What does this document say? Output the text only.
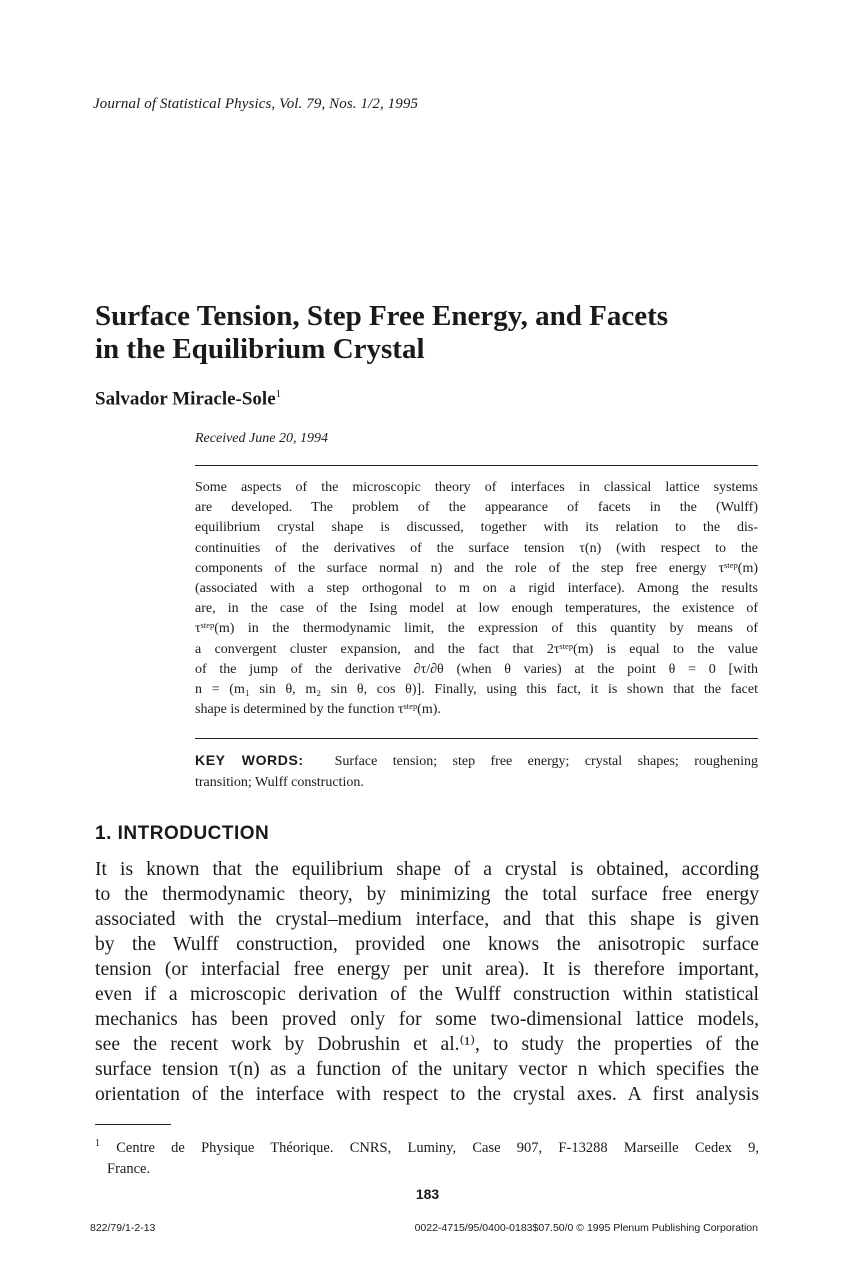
Journal of Statistical Physics, Vol. 79, Nos. 1/2, 1995
Surface Tension, Step Free Energy, and Facets
in the Equilibrium Crystal
Salvador Miracle-Sole$^1$
Received June 20, 1994
Some aspects of the microscopic theory of interfaces in classical lattice systems
are developed. The problem of the appearance of facets in the (Wulff)
equilibrium crystal shape is discussed, together with its relation to the dis-
continuities of the derivatives of the surface tension τ(n) (with respect to the
components of the surface normal n) and the role of the step free energy τˢᵗᵉᵖ(m)
(associated with a step orthogonal to m on a rigid interface). Among the results
are, in the case of the Ising model at low enough temperatures, the existence of
τˢᵗᵉᵖ(m) in the thermodynamic limit, the expression of this quantity by means of
a convergent cluster expansion, and the fact that 2τˢᵗᵉᵖ(m) is equal to the value
of the jump of the derivative ∂τ/∂θ (when θ varies) at the point θ = 0 [with
n = (m₁ sin θ, m₂ sin θ, cos θ)]. Finally, using this fact, it is shown that the facet
shape is determined by the function τˢᵗᵉᵖ(m).
KEY WORDS: Surface tension; step free energy; crystal shapes; roughening
transition; Wulff construction.
1. INTRODUCTION
It is known that the equilibrium shape of a crystal is obtained, according
to the thermodynamic theory, by minimizing the total surface free energy
associated with the crystal–medium interface, and that this shape is given
by the Wulff construction, provided one knows the anisotropic surface
tension (or interfacial free energy per unit area). It is therefore important,
even if a microscopic derivation of the Wulff construction within statistical
mechanics has been proved only for some two-dimensional lattice models,
see the recent work by Dobrushin et al.⁽¹⁾, to study the properties of the
surface tension τ(n) as a function of the unitary vector n which specifies the
orientation of the interface with respect to the crystal axes. A first analysis
$^1$ Centre de Physique Théorique. CNRS, Luminy, Case 907, F-13288 Marseille Cedex 9,
France.
183
822/79/1-2-13	0022-4715/95/0400-0183$07.50/0 © 1995 Plenum Publishing Corporation
